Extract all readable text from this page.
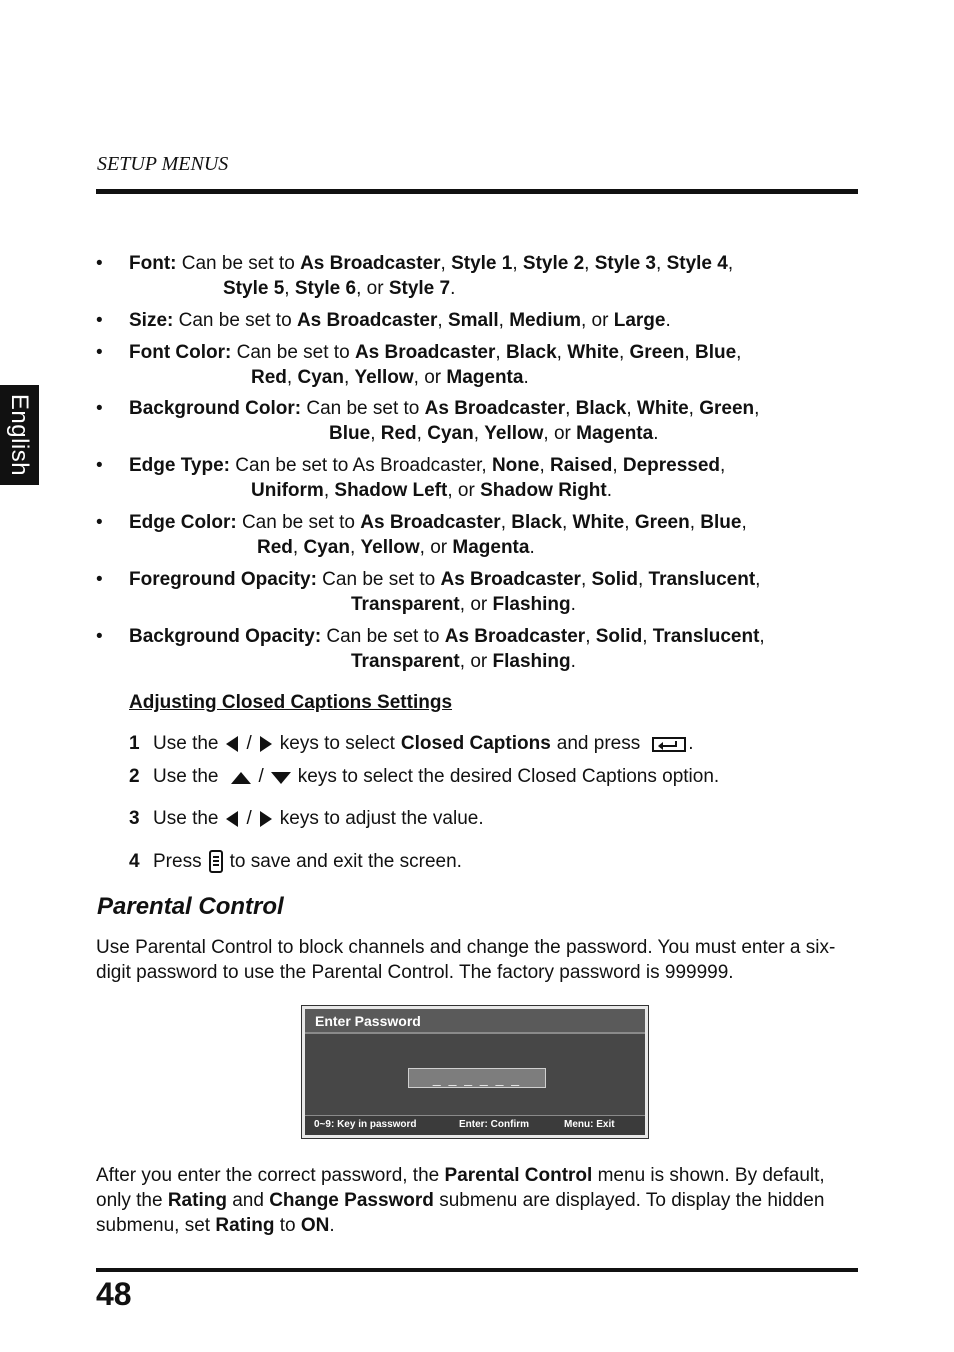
SETUP MENUS
English
• Font: Can be set to As Broadcaster, Style 1, Style 2, Style 3, Style 4,
Style 5, Style 6, or Style 7.
• Size: Can be set to As Broadcaster, Small, Medium, or Large.
• Font Color: Can be set to As Broadcaster, Black, White, Green, Blue,
Red, Cyan, Yellow, or Magenta.
• Background Color: Can be set to As Broadcaster, Black, White, Green,
Blue, Red, Cyan, Yellow, or Magenta.
• Edge Type: Can be set to As Broadcaster, None, Raised, Depressed,
Uniform, Shadow Left, or Shadow Right.
• Edge Color: Can be set to As Broadcaster, Black, White, Green, Blue,
Red, Cyan, Yellow, or Magenta.
• Foreground Opacity: Can be set to As Broadcaster, Solid, Translucent,
Transparent, or Flashing.
• Background Opacity: Can be set to As Broadcaster, Solid, Translucent,
Transparent, or Flashing.
Adjusting Closed Captions Settings
1 Use the / keys to select Closed Captions and press	.
2 Use the / keys to select the desired Closed Captions option.
3 Use the / keys to adjust the value.
4 Press to save and exit the screen.
Parental Control
Use Parental Control to block channels and change the password. You must enter a six-digit password to use the Parental Control. The factory password is 999999.
Enter Password
_ _ _ _ _ _
0~9: Key in password	Enter: Confirm	Menu: Exit
After you enter the correct password, the Parental Control menu is shown. By default, only the Rating and Change Password submenu are displayed. To display the hidden submenu, set Rating to ON.
48
